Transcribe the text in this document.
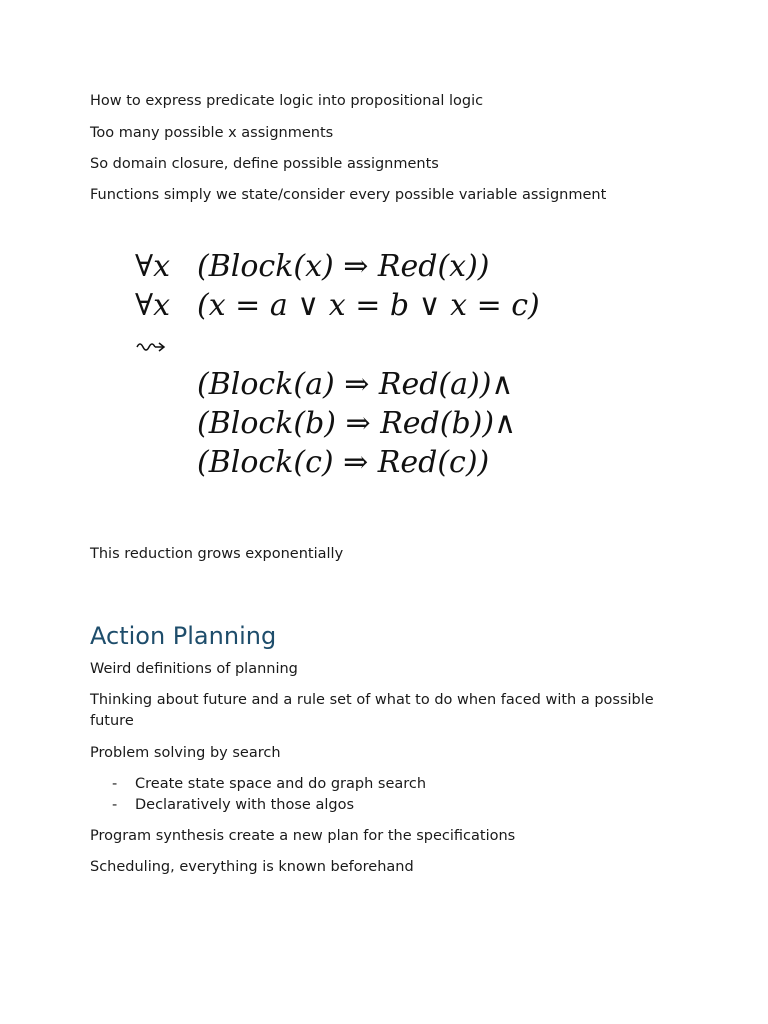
How to express predicate logic into propositional logic

Too many possible x assignments

So domain closure, define possible assignments

Functions simply we state/consider every possible variable assignment

This reduction grows exponentially

Action Planning

Weird definitions of planning

Thinking about future and a rule set of what to do when faced with a possible future

Problem solving by search

- Create state space and do graph search
- Declaratively with those algos

Program synthesis create a new plan for the specifications

Scheduling, everything is known beforehand

∀x (Block(x) ⇒ Red(x))
∀x (x = a ∨ x = b ∨ x = c)
(Block(a) ⇒ Red(a))∧
(Block(b) ⇒ Red(b))∧
(Block(c) ⇒ Red(c))
